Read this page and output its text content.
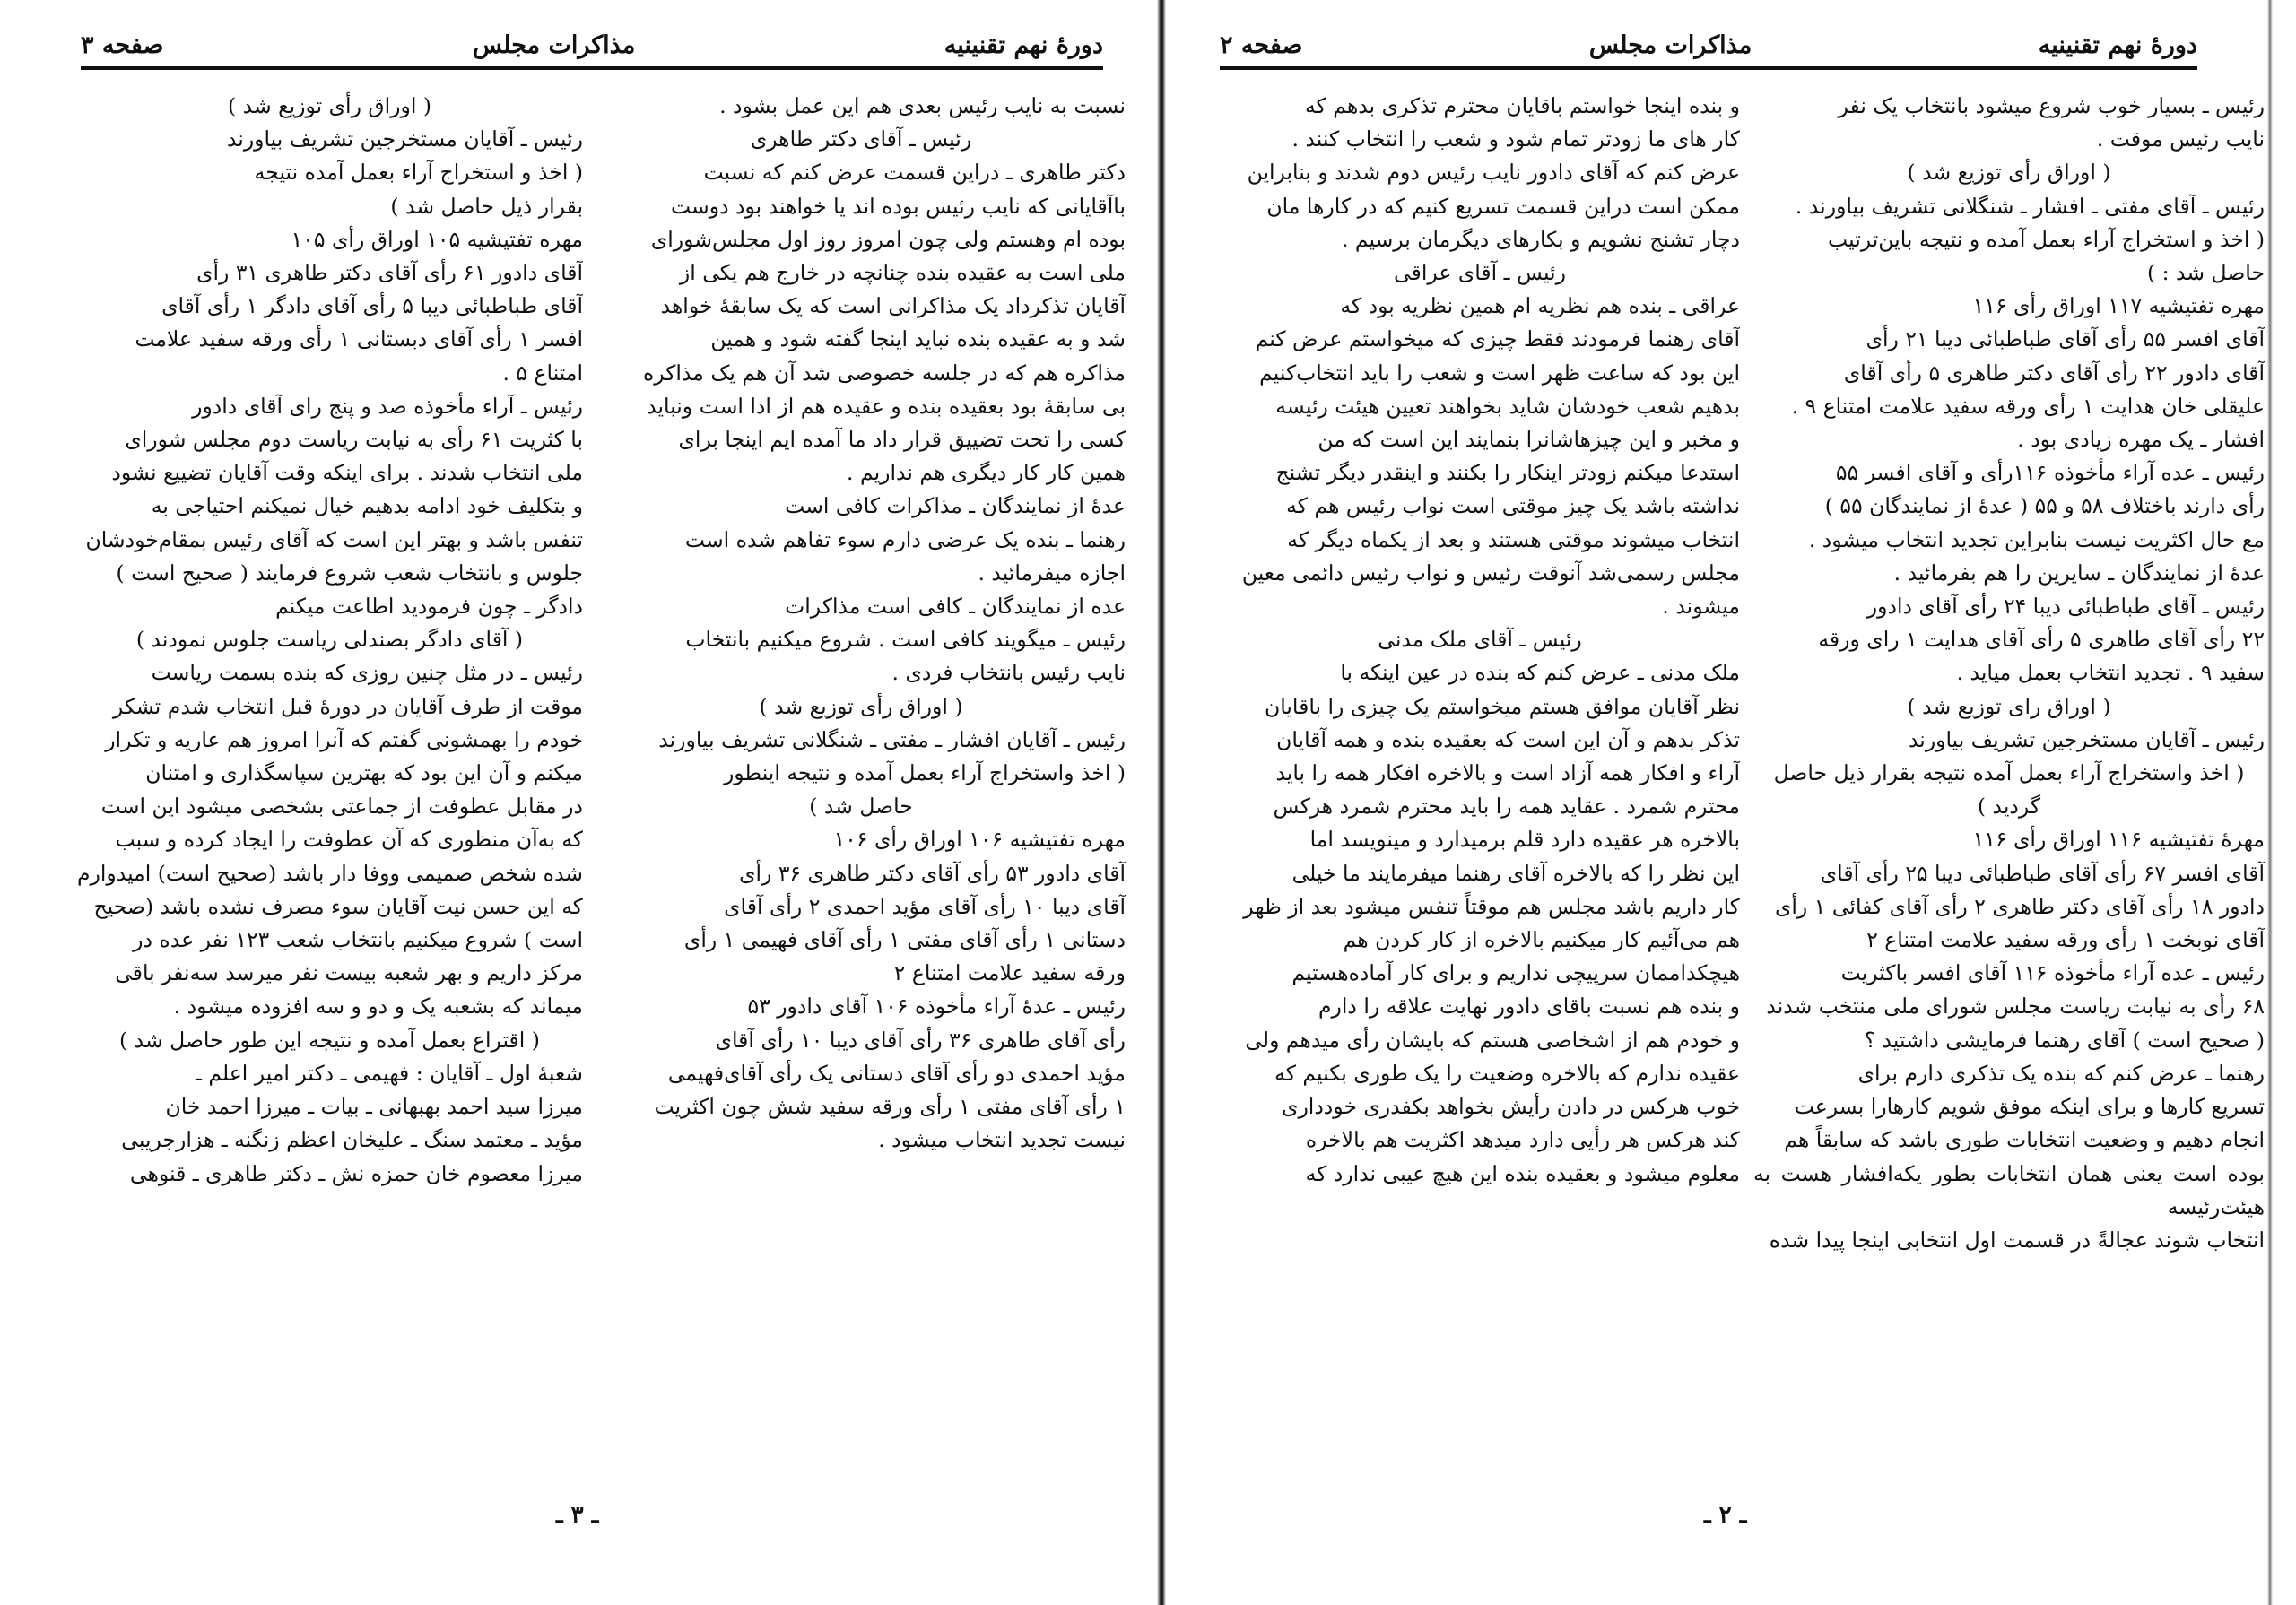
دورهٔ نهم تقنینیه
مذاکرات مجلس
صفحه ۳

نسبت به نایب رئیس بعدی هم این عمل بشود .

رئیس ـ آقای دکتر طاهری

دکتر طاهری ـ دراین قسمت عرض کنم که نسبت

باآقایانی که نایب رئیس بوده اند یا خواهند بود دوست

بوده ام وهستم ولی چون امروز روز اول مجلس‌شورای

ملی است به عقیده بنده چنانچه در خارج هم یکی از

آقایان تذکرداد یک مذاکرانی است که یک سابقهٔ خواهد

شد و به عقیده بنده نباید اینجا گفته شود و همین

مذاکره هم که در جلسه خصوصی شد آن هم یک مذاکره

بی سابقهٔ بود بعقیده بنده و عقیده هم از ادا است ونباید

کسی را تحت تضییق قرار داد ما آمده ایم اینجا برای

همین کار کار دیگری هم نداریم .

عدهٔ از نمایندگان ـ مذاکرات کافی است

رهنما ـ بنده یک عرضی دارم سوء تفاهم شده است

اجازه میفرمائید .

عده از نمایندگان ـ کافی است مذاکرات

رئیس ـ میگویند کافی است . شروع میکنیم بانتخاب

نایب رئیس بانتخاب فردی .

( اوراق رأی توزیع شد )

رئیس ـ آقایان افشار ـ مفتی ـ شنگلانی تشریف بیاورند

( اخذ واستخراج آراء بعمل آمده و نتیجه اینطور

حاصل شد )

مهره تفتیشیه ۱۰۶ اوراق رأی ۱۰۶

آقای دادور ۵۳ رأی آقای دکتر طاهری ۳۶ رأی

آقای دیبا ۱۰ رأی آقای مؤید احمدی ۲ رأی آقای

دستانی ۱ رأی آقای مفتی ۱ رأی آقای فهیمی ۱ رأی

ورقه سفید علامت امتناع ۲

رئیس ـ عدهٔ آراء مأخوذه ۱۰۶ آقای دادور ۵۳

رأی آقای طاهری ۳۶ رأی آقای دیبا ۱۰ رأی آقای

مؤید احمدی دو رأی آقای دستانی یک رأی آقای‌فهیمی

۱ رأی آقای مفتی ۱ رأی ورقه سفید شش چون اکثریت

نیست تجدید انتخاب میشود .

( اوراق رأی توزیع شد )

رئیس ـ آقایان مستخرجین تشریف بیاورند

( اخذ و استخراج آراء بعمل آمده نتیجه

بقرار ذیل حاصل شد )

مهره تفتیشیه ۱۰۵ اوراق رأی ۱۰۵

آقای دادور ۶۱ رأی آقای دکتر طاهری ۳۱ رأی

آقای طباطبائی دیبا ۵ رأی آقای دادگر ۱ رأی آقای

افسر ۱ رأی آقای دبستانی ۱ رأی ورقه سفید علامت

امتناع ۵ .

رئیس ـ آراء مأخوذه صد و پنج رای آقای دادور

با کثریت ۶۱ رأی به نیابت ریاست دوم مجلس شورای

ملی انتخاب شدند . برای اینکه وقت آقایان تضییع نشود

و بتکلیف خود ادامه بدهیم خیال نمیکنم احتیاجی به

تنفس باشد و بهتر این است که آقای رئیس بمقام‌خودشان

جلوس و بانتخاب شعب شروع فرمایند ( صحیح است )

دادگر ـ چون فرمودید اطاعت میکنم

( آقای دادگر بصندلی ریاست جلوس نمودند )

رئیس ـ در مثل چنین روزی که بنده بسمت ریاست

موقت از طرف آقایان در دورهٔ قبل انتخاب شدم تشکر

خودم را بهمشونی گفتم که آنرا امروز هم عاریه و تکرار

میکنم و آن این بود که بهترین سپاسگذاری و امتنان

در مقابل عطوفت از جماعتی بشخصی میشود این است

که به‌آن منظوری که آن عطوفت را ایجاد کرده و سبب

شده شخص صمیمی ووفا دار باشد (صحیح است) امیدوارم

که این حسن نیت آقایان سوء مصرف نشده باشد (صحیح

است ) شروع میکنیم بانتخاب شعب ۱۲۳ نفر عده در

مرکز داریم و بهر شعبه بیست نفر میرسد سه‌نفر باقی

میماند که بشعبه یک و دو و سه افزوده میشود .

( اقتراع بعمل آمده و نتیجه این طور حاصل شد )

شعبهٔ اول ـ آقایان : فهیمی ـ دکتر امیر اعلم ـ

میرزا سید احمد بهبهانی ـ بیات ـ میرزا احمد خان

مؤید ـ معتمد سنگ ـ علیخان اعظم زنگنه ـ هزارجریبی

میرزا معصوم خان حمزه نش ـ دکتر طاهری ـ قنوهی

ـ ۳ ـ
دورهٔ نهم تقنینیه
مذاکرات مجلس
صفحه ۲

رئیس ـ بسیار خوب شروع میشود بانتخاب یک نفر

نایب رئیس موقت .

( اوراق رأی توزیع شد )

رئیس ـ آقای مفتی ـ افشار ـ شنگلانی تشریف بیاورند .

( اخذ و استخراج آراء بعمل آمده و نتیجه باین‌ترتیب

حاصل شد : )

مهره تفتیشیه ۱۱۷ اوراق رأی ۱۱۶

آقای افسر ۵۵ رأی آقای طباطبائی دیبا ۲۱ رأی

آقای دادور ۲۲ رأی آقای دکتر طاهری ۵ رأی آقای

علیقلی خان هدایت ۱ رأی ورقه سفید علامت امتناع ۹ .

افشار ـ یک مهره زیادی بود .

رئیس ـ عده آراء مأخوذه ۱۱۶رأی و آقای افسر ۵۵

رأی دارند باختلاف ۵۸ و ۵۵ ( عدهٔ از نمایندگان ۵۵ )

مع‌ حال اکثریت نیست بنابراین تجدید انتخاب میشود .

عدهٔ از نمایندگان ـ سایرین را هم بفرمائید .

رئیس ـ آقای طباطبائی دیبا ۲۴ رأی آقای دادور

۲۲ رأی آقای طاهری ۵ رأی آقای هدایت ۱ رای ورقه

سفید ۹ . تجدید انتخاب بعمل میاید .

( اوراق رای توزیع شد )

رئیس ـ آقایان مستخرجین تشریف بیاورند

( اخذ واستخراج آراء بعمل آمده نتیجه بقرار ذیل حاصل گردید )

مهرهٔ تفتیشیه ۱۱۶ اوراق رأی ۱۱۶

آقای افسر ۶۷ رأی آقای طباطبائی دیبا ۲۵ رأی آقای

دادور ۱۸ رأی آقای دکتر طاهری ۲ رأی آقای کفائی ۱ رأی

آقای نوبخت ۱ رأی ورقه سفید علامت امتناع ۲

رئیس ـ عده آراء مأخوذه ۱۱۶ آقای افسر باکثریت

۶۸ رأی به نیابت ریاست مجلس شورای ملی منتخب شدند

( صحیح است ) آقای رهنما فرمایشی داشتید ؟

رهنما ـ عرض کنم که بنده یک تذکری دارم برای

تسریع کارها و برای اینکه موفق شویم کارهارا بسرعت

انجام دهیم و وضعیت انتخابات طوری باشد که سابقاً هم

بوده است یعنی همان انتخابات بطور یکه‌افشار هست به هیئت‌رئیسه

انتخاب شوند عجالةً در قسمت اول انتخابی اینجا پیدا شده

و بنده اینجا خواستم باقایان محترم تذکری بدهم که

کار های ما زودتر تمام شود و شعب را انتخاب کنند .

عرض کنم که آقای دادور نایب رئیس دوم شدند و بنابراین

ممکن است دراین قسمت تسریع کنیم که در کارها مان

دچار تشنج نشویم و بکارهای دیگرمان برسیم .

رئیس ـ آقای عراقی

عراقی ـ بنده هم نظریه ام همین نظریه بود که

آقای رهنما فرمودند فقط چیزی که میخواستم عرض کنم

این بود که ساعت ظهر است و شعب را باید انتخاب‌کنیم

بدهیم شعب خودشان شاید بخواهند تعیین هیئت رئیسه

و مخبر و این چیزهاشانرا بنمایند این است که من

استدعا میکنم زودتر اینکار را بکنند و اینقدر دیگر تشنج

نداشته باشد یک چیز موقتی است نواب رئیس هم که

انتخاب میشوند موقتی هستند و بعد از یکماه دیگر که

مجلس رسمی‌شد آنوقت رئیس و نواب رئیس دائمی معین

میشوند .

رئیس ـ آقای ملک مدنی

ملک مدنی ـ عرض کنم که بنده در عین اینکه با

نظر آقایان موافق هستم میخواستم یک چیزی را باقایان

تذکر بدهم و آن این است که بعقیده بنده و همه آقایان

آراء و افکار همه آزاد است و بالاخره افکار همه را باید

محترم شمرد . عقاید همه را باید محترم شمرد هرکس

بالاخره هر عقیده دارد قلم برمیدارد و مینویسد اما

این نظر را که بالاخره آقای رهنما میفرمایند ما خیلی

کار داریم باشد مجلس هم موقتاً تنفس میشود بعد از ظهر

هم می‌آئیم کار میکنیم بالاخره از کار کردن هم

هیچکداممان سرپیچی نداریم و برای کار آماده‌هستیم

و بنده هم نسبت باقای دادور نهایت علاقه را دارم

و خودم هم از اشخاصی هستم که بایشان رأی میدهم ولی

عقیده ندارم که بالاخره وضعیت را یک طوری بکنیم که

خوب هرکس در دادن رأیش بخواهد بکفدری خودداری

کند هرکس هر رأیی دارد میدهد اکثریت هم بالاخره

معلوم میشود و بعقیده بنده این هیچ عیبی ندارد که

ـ ۲ ـ
